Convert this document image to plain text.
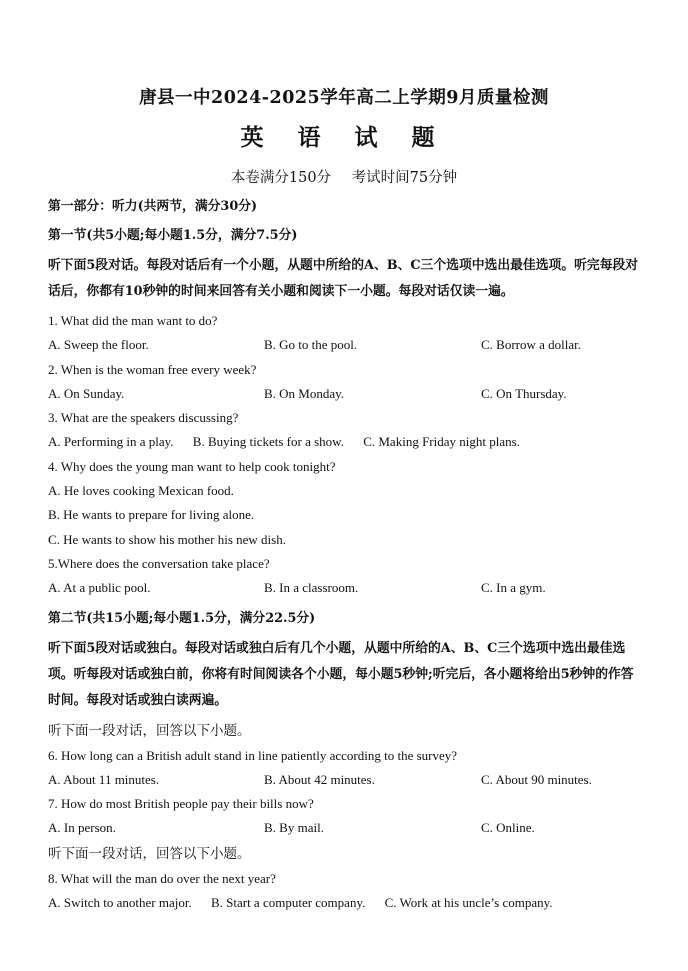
唐县一中2024-2025学年高二上学期9月质量检测
英 语 试 题
本卷满分150分 考试时间75分钟
第一部分：听力(共两节，满分30分)
第一节(共5小题;每小题1.5分，满分7.5分)
听下面5段对话。每段对话后有一个小题，从题中所给的A、B、C三个选项中选出最佳选项。听完每段对话后，你都有10秒钟的时间来回答有关小题和阅读下一小题。每段对话仅读一遍。
1. What did the man want to do?
A. Sweep the floor.	B. Go to the pool.	C. Borrow a dollar.
2. When is the woman free every week?
A. On Sunday.	B. On Monday.	C. On Thursday.
3. What are the speakers discussing?
A. Performing in a play. B. Buying tickets for a show. C. Making Friday night plans.
4. Why does the young man want to help cook tonight?
A. He loves cooking Mexican food.
B. He wants to prepare for living alone.
C. He wants to show his mother his new dish.
5.Where does the conversation take place?
A. At a public pool.	B. In a classroom.	C. In a gym.
第二节(共15小题;每小题1.5分，满分22.5分)
听下面5段对话或独白。每段对话或独白后有几个小题，从题中所给的A、B、C三个选项中选出最佳选项。听每段对话或独白前，你将有时间阅读各个小题，每小题5秒钟;听完后，各小题将给出5秒钟的作答时间。每段对话或独白读两遍。
听下面一段对话，回答以下小题。
6. How long can a British adult stand in line patiently according to the survey?
A. About 11 minutes.	B. About 42 minutes.	C. About 90 minutes.
7. How do most British people pay their bills now?
A. In person.	B. By mail.	C. Online.
听下面一段对话，回答以下小题。
8. What will the man do over the next year?
A. Switch to another major. B. Start a computer company. C. Work at his uncle’s company.
